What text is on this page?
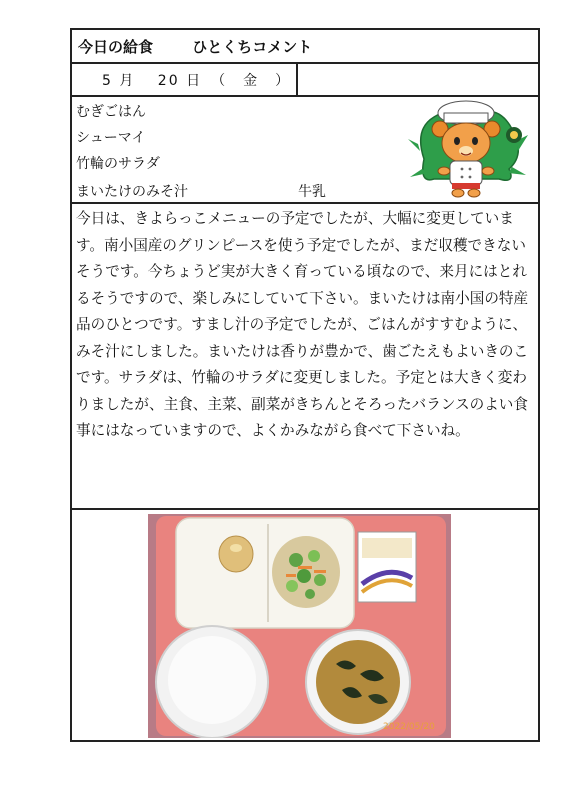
今日の給食	ひとくちコメント
5 月　 20 日　（　金　）
むぎごはん
シューマイ
竹輪のサラダ
まいたけのみそ汁	牛乳
今日は、きよらっこメニューの予定でしたが、大幅に変更しています。南小国産のグリンピースを使う予定でしたが、まだ収穫できないそうです。今ちょうど実が大きく育っている頃なので、来月にはとれるそうですので、楽しみにしていて下さい。まいたけは南小国の特産品のひとつです。すまし汁の予定でしたが、ごはんがすすむように、みそ汁にしました。まいたけは香りが豊かで、歯ごたえもよいきのこです。サラダは、竹輪のサラダに変更しました。予定とは大きく変わりましたが、主食、主菜、副菜がきちんとそろったバランスのよい食事にはなっていますので、よくかみながら食べて下さいね。
2022/05/20
